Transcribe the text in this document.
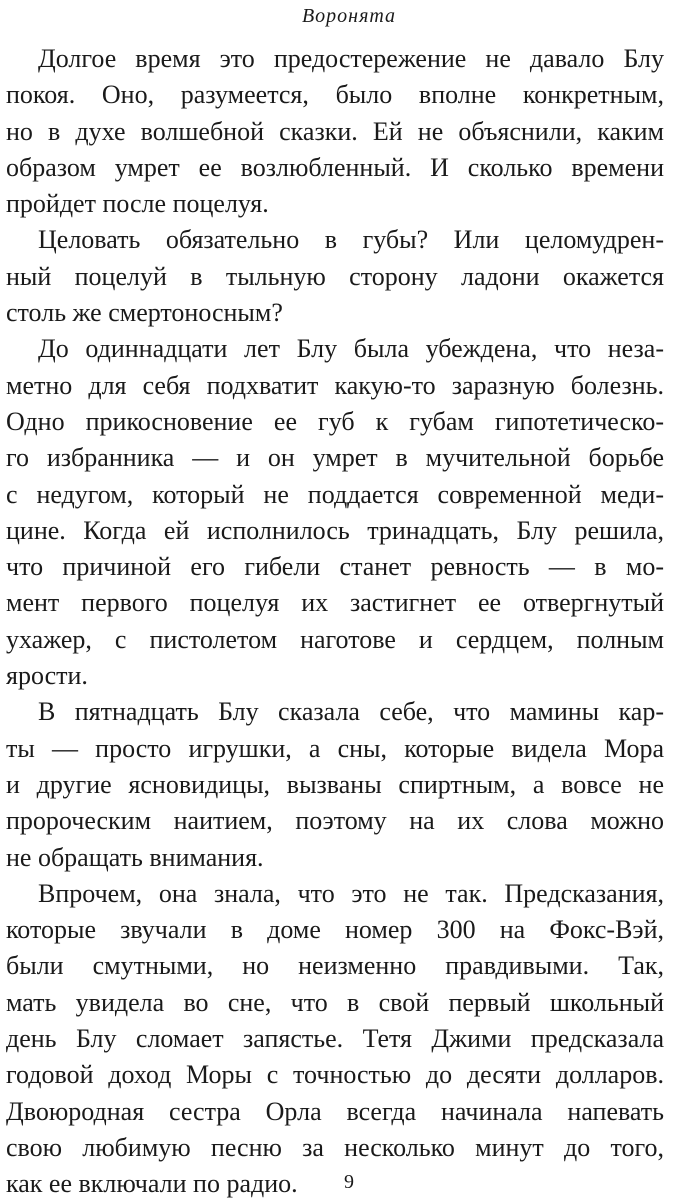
Воронята

Долгое время это предостережение не давало Блу
покоя. Оно, разумеется, было вполне конкретным,
но в духе волшебной сказки. Ей не объяснили, каким
образом умрет ее возлюбленный. И сколько времени
пройдет после поцелуя.

Целовать обязательно в губы? Или целомудрен-
ный поцелуй в тыльную сторону ладони окажется
столь же смертоносным?

До одиннадцати лет Блу была убеждена, что неза-
метно для себя подхватит какую-то заразную болезнь.
Одно прикосновение ее губ к губам гипотетическо-
го избранника — и он умрет в мучительной борьбе
с недугом, который не поддается современной меди-
цине. Когда ей исполнилось тринадцать, Блу решила,
что причиной его гибели станет ревность — в мо-
мент первого поцелуя их застигнет ее отвергнутый
ухажер, с пистолетом наготове и сердцем, полным
ярости.

В пятнадцать Блу сказала себе, что мамины кар-
ты — просто игрушки, а сны, которые видела Мора
и другие ясновидицы, вызваны спиртным, а вовсе не
пророческим наитием, поэтому на их слова можно
не обращать внимания.

Впрочем, она знала, что это не так. Предсказания,
которые звучали в доме номер 300 на Фокс-Вэй,
были смутными, но неизменно правдивыми. Так,
мать увидела во сне, что в свой первый школьный
день Блу сломает запястье. Тетя Джими предсказала
годовой доход Моры с точностью до десяти долларов.
Двоюродная сестра Орла всегда начинала напевать
свою любимую песню за несколько минут до того,
как ее включали по радио.	9
